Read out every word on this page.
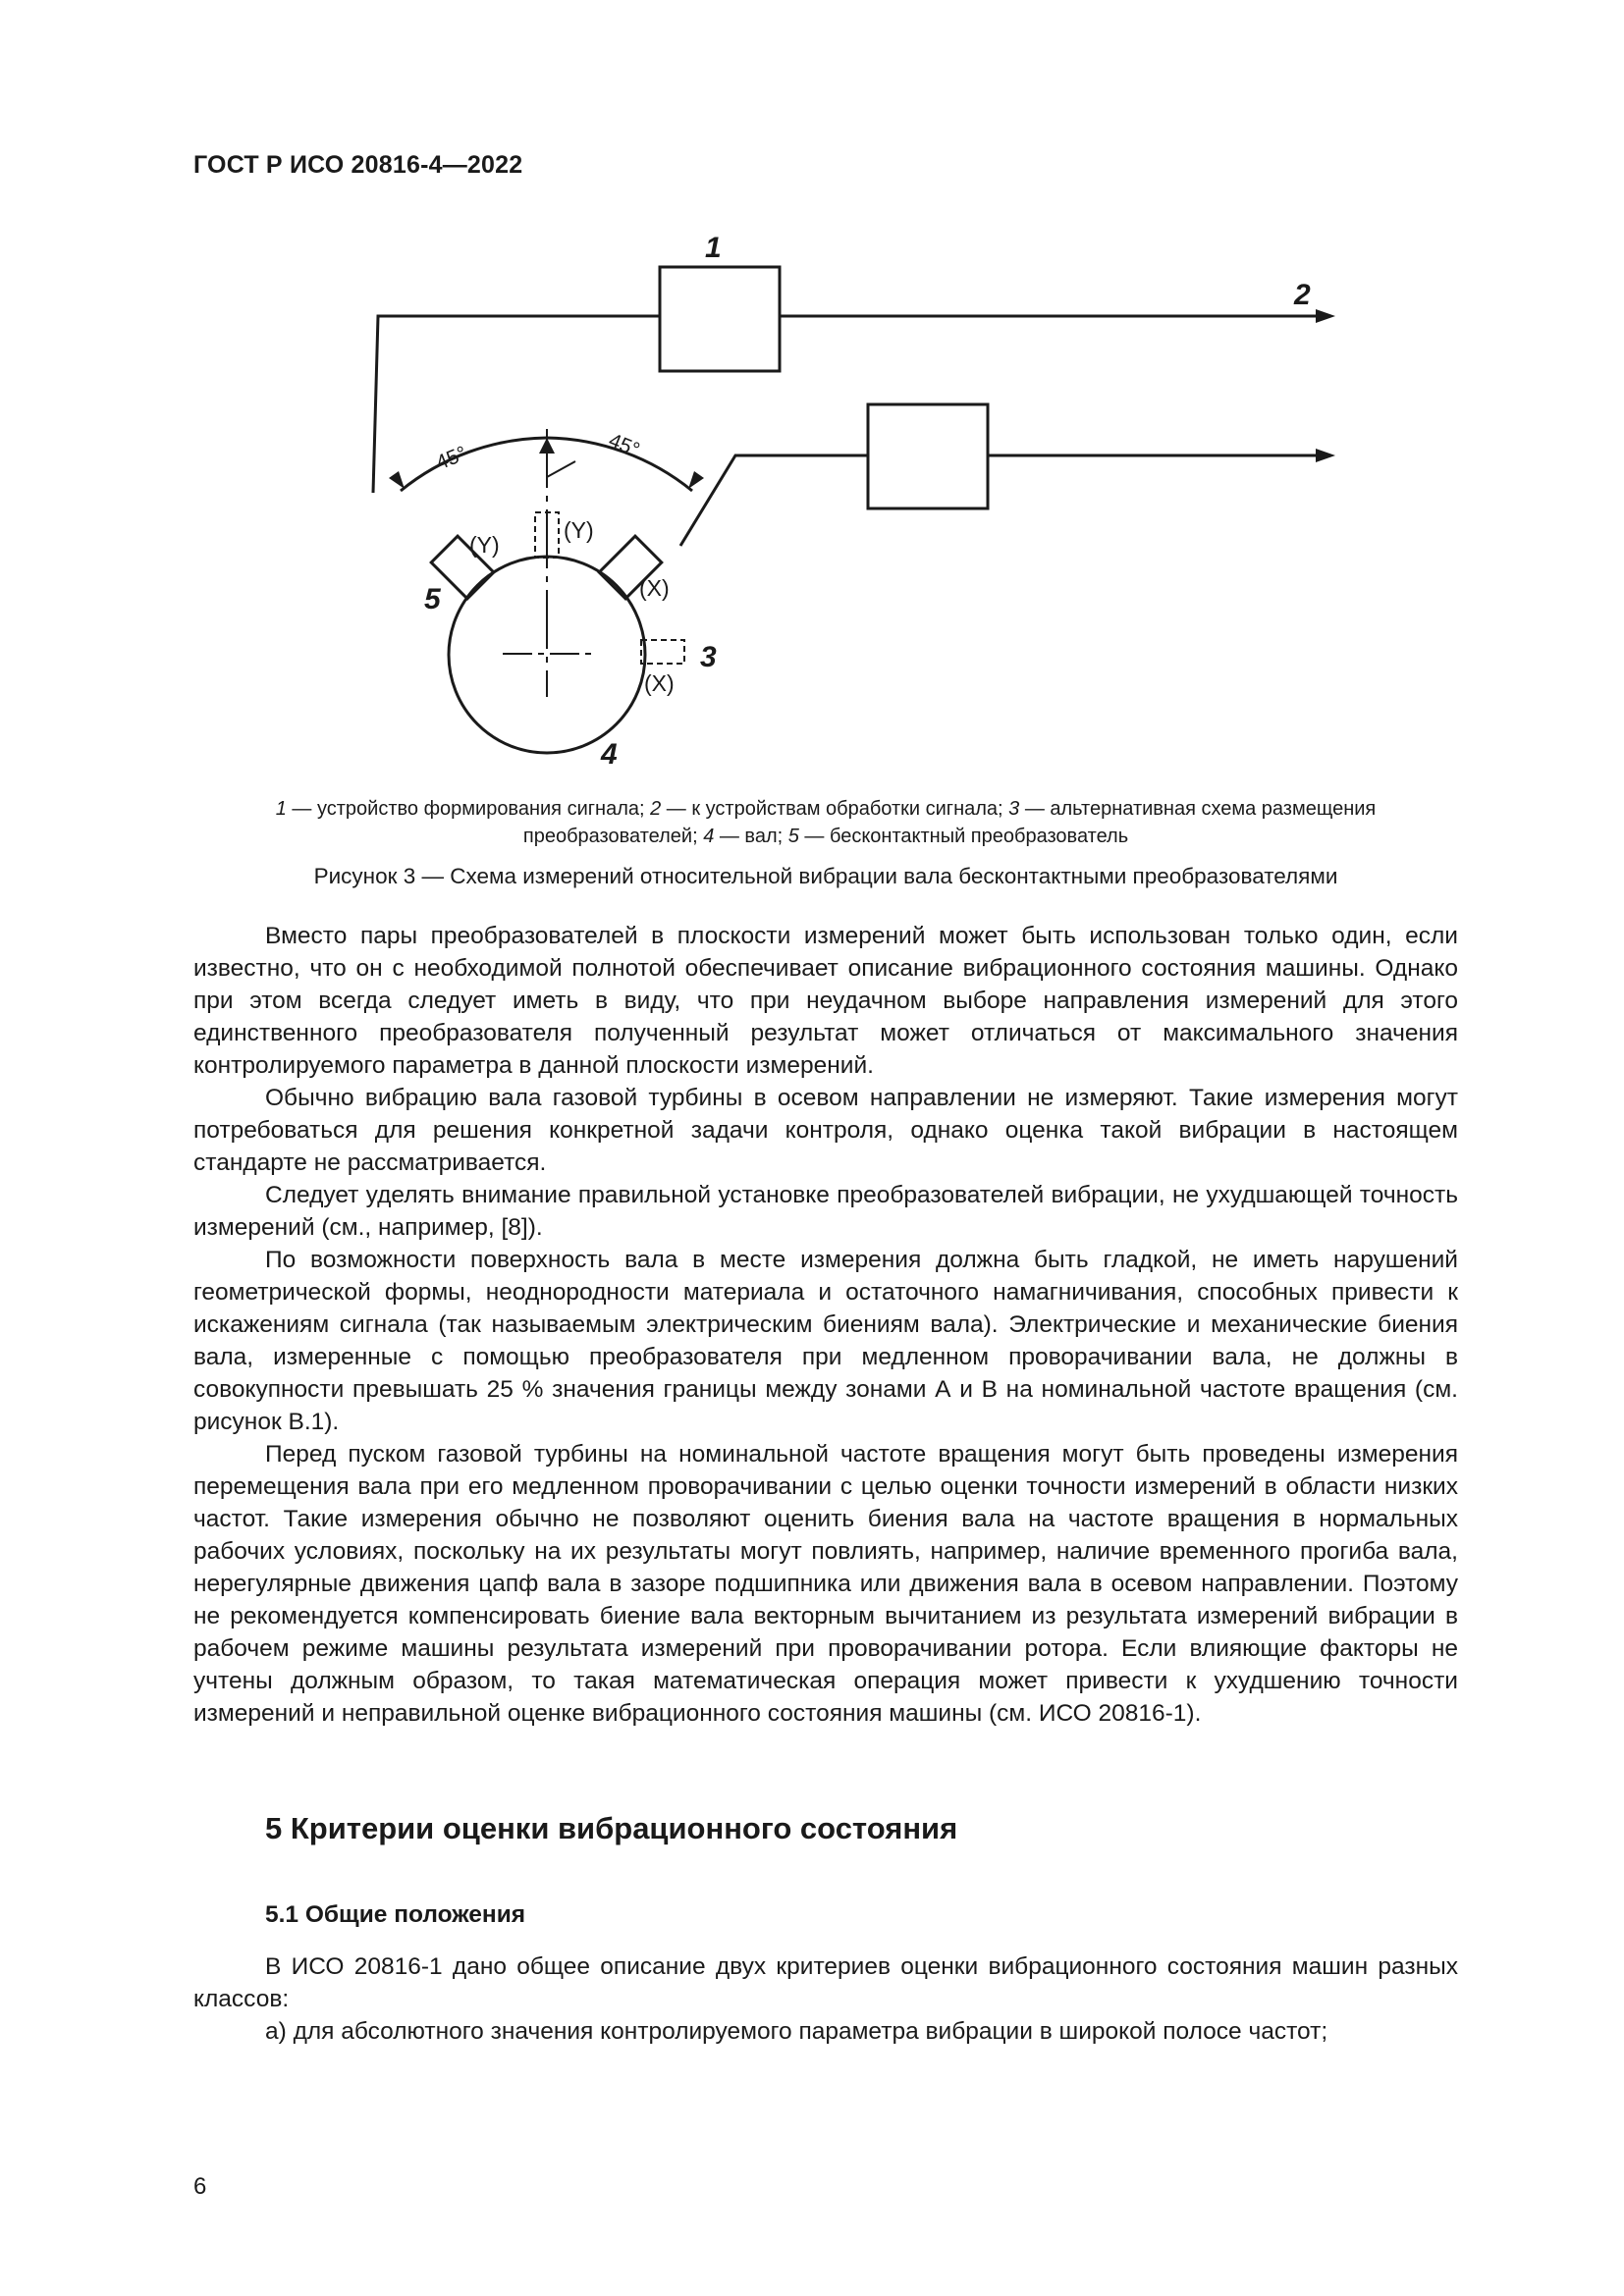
ГОСТ Р ИСО 20816-4—2022
1
2
3
4
5
45°	45°
(Y)
(Y)
(X)
(X)
1 — устройство формирования сигнала; 2 — к устройствам обработки сигнала; 3 — альтернативная схема размещения
преобразователей; 4 — вал; 5 — бесконтактный преобразователь
Рисунок 3 — Схема измерений относительной вибрации вала бесконтактными преобразователями

Вместо пары преобразователей в плоскости измерений может быть использован только один, если известно, что он с необходимой полнотой обеспечивает описание вибрационного состояния машины. Однако при этом всегда следует иметь в виду, что при неудачном выборе направления измерений для этого единственного преобразователя полученный результат может отличаться от максимального значения контролируемого параметра в данной плоскости измерений.

Обычно вибрацию вала газовой турбины в осевом направлении не измеряют. Такие измерения могут потребоваться для решения конкретной задачи контроля, однако оценка такой вибрации в настоящем стандарте не рассматривается.

Следует уделять внимание правильной установке преобразователей вибрации, не ухудшающей точность измерений (см., например, [8]).

По возможности поверхность вала в месте измерения должна быть гладкой, не иметь нарушений геометрической формы, неоднородности материала и остаточного намагничивания, способных привести к искажениям сигнала (так называемым электрическим биениям вала). Электрические и механические биения вала, измеренные с помощью преобразователя при медленном проворачивании вала, не должны в совокупности превышать 25 % значения границы между зонами А и В на номинальной частоте вращения (см. рисунок В.1).

Перед пуском газовой турбины на номинальной частоте вращения могут быть проведены измерения перемещения вала при его медленном проворачивании с целью оценки точности измерений в области низких частот. Такие измерения обычно не позволяют оценить биения вала на частоте вращения в нормальных рабочих условиях, поскольку на их результаты могут повлиять, например, наличие временного прогиба вала, нерегулярные движения цапф вала в зазоре подшипника или движения вала в осевом направлении. Поэтому не рекомендуется компенсировать биение вала векторным вычитанием из результата измерений вибрации в рабочем режиме машины результата измерений при проворачивании ротора. Если влияющие факторы не учтены должным образом, то такая математическая операция может привести к ухудшению точности измерений и неправильной оценке вибрационного состояния машины (см. ИСО 20816-1).

5 Критерии оценки вибрационного состояния
5.1 Общие положения

В ИСО 20816-1 дано общее описание двух критериев оценки вибрационного состояния машин разных классов:

а) для абсолютного значения контролируемого параметра вибрации в широкой полосе частот;

6
